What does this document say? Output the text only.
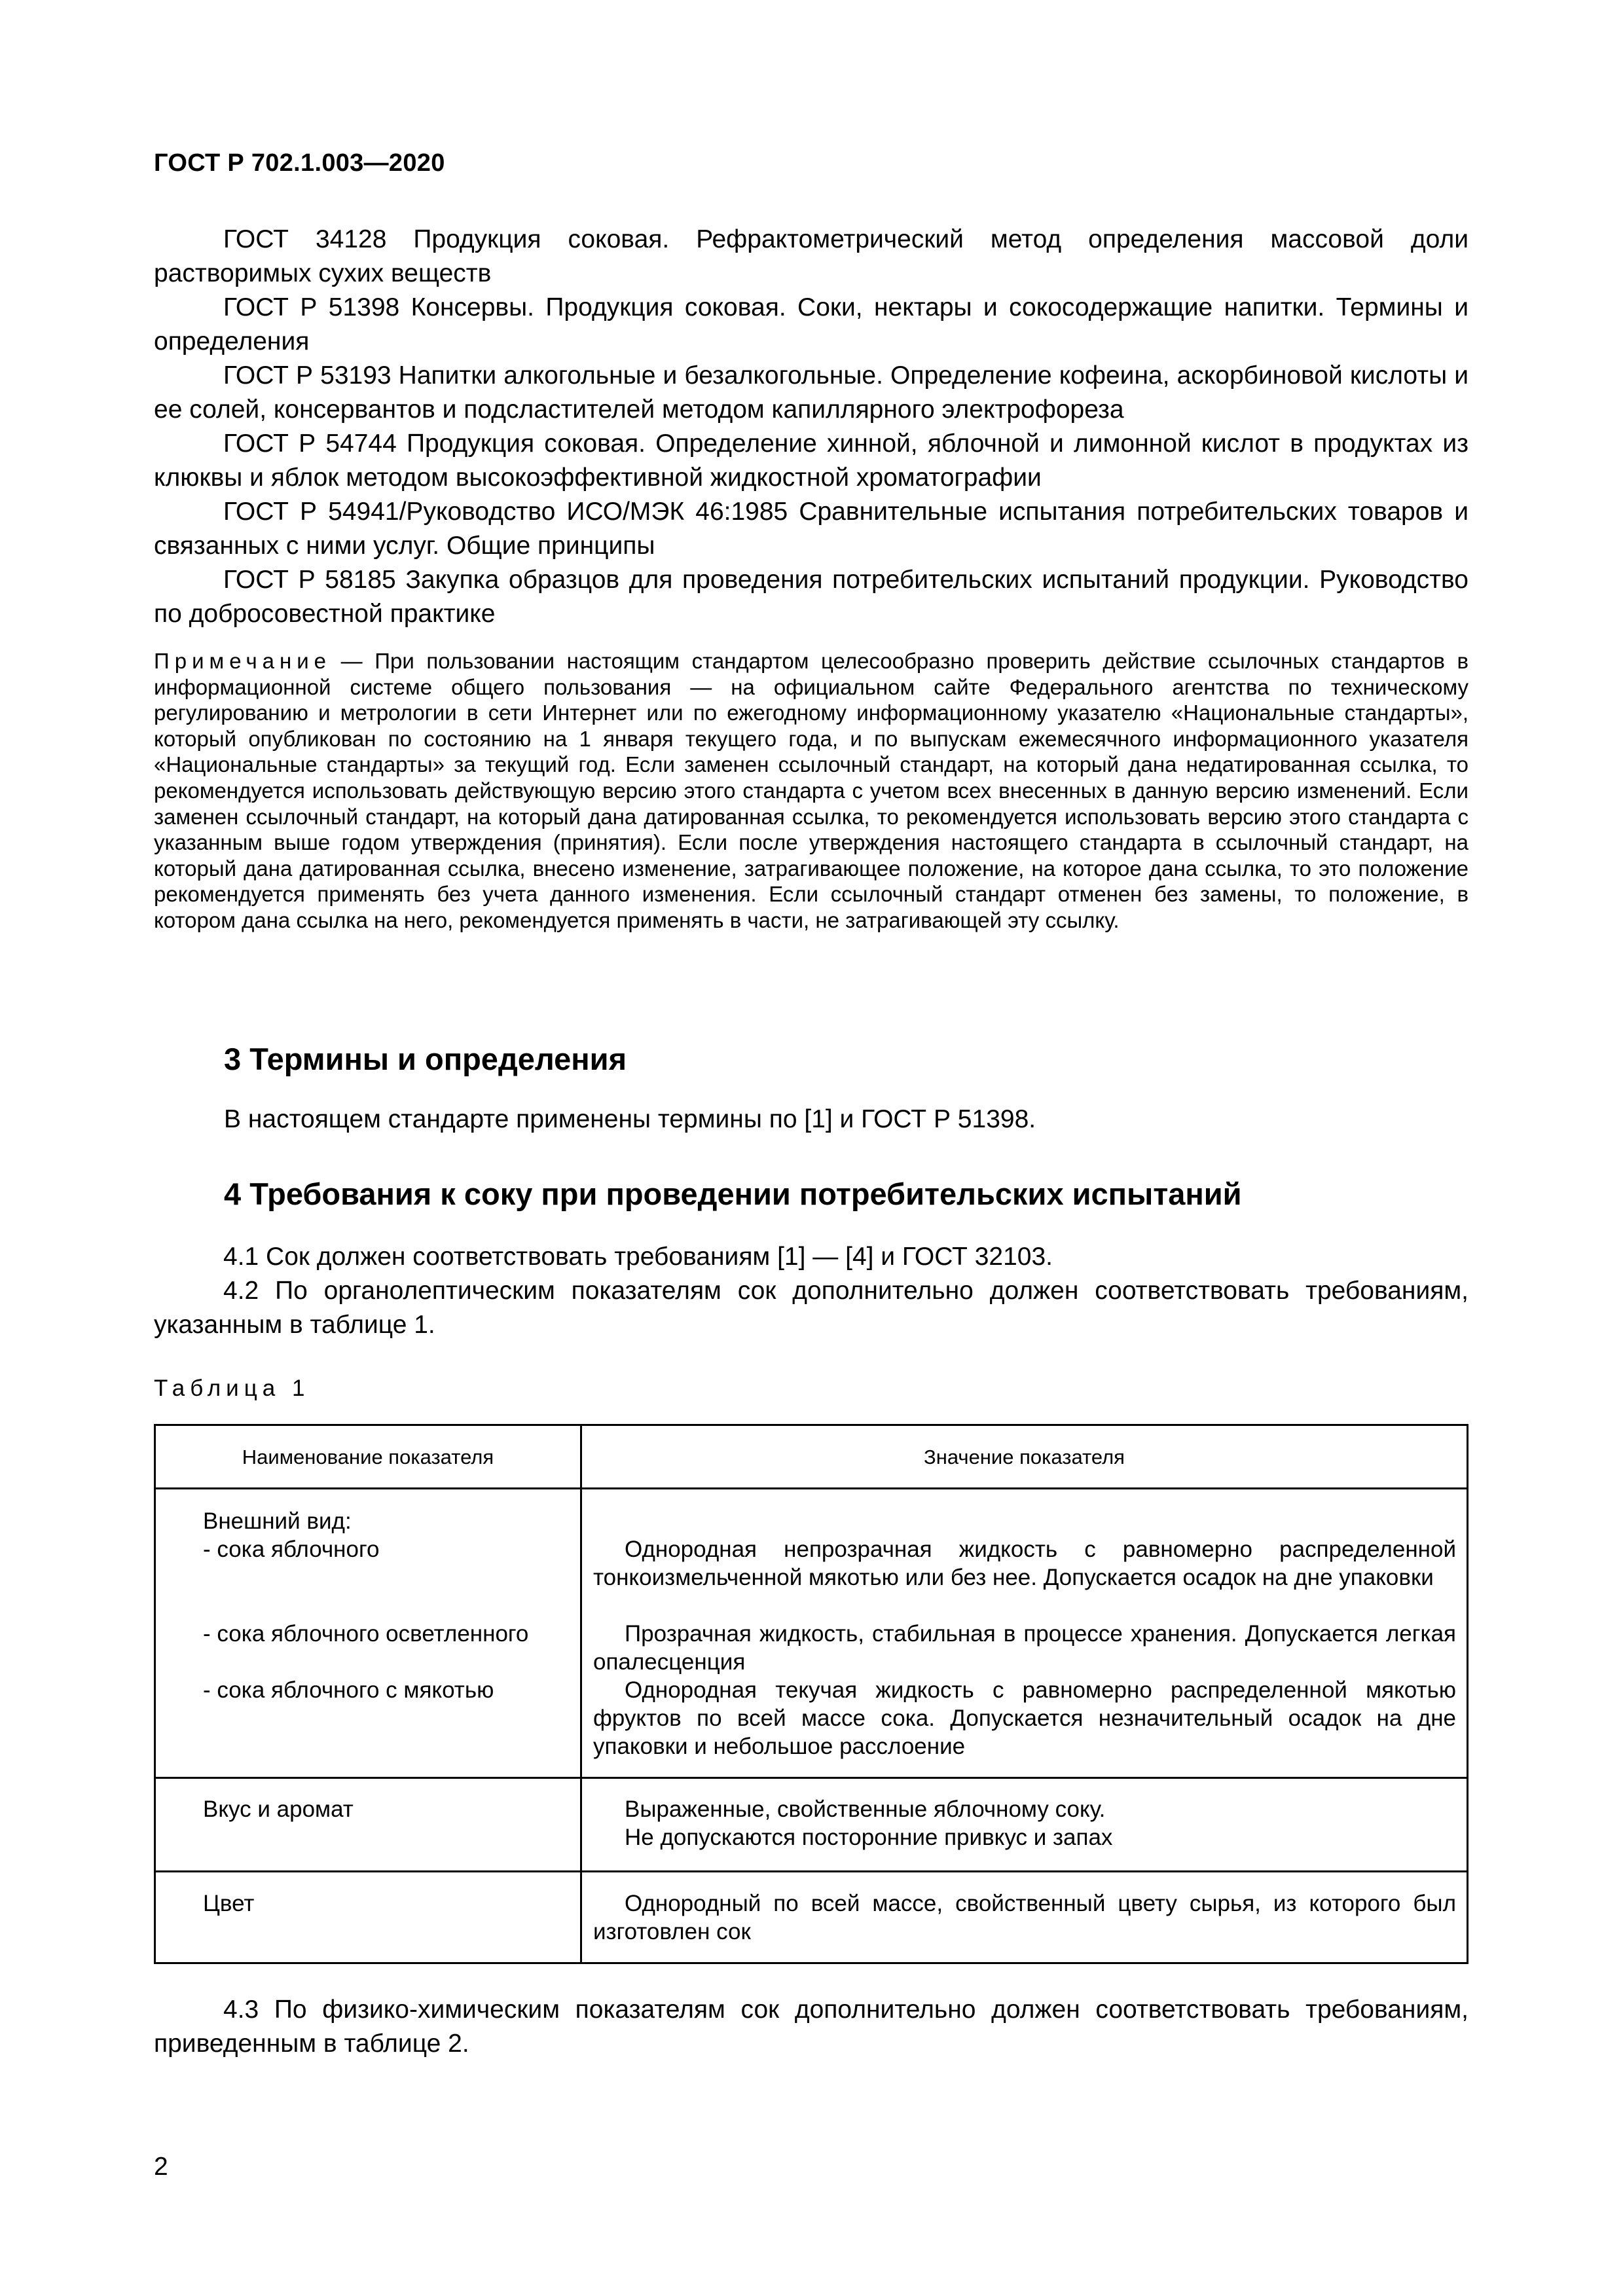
ГОСТ Р 702.1.003—2020

ГОСТ 34128 Продукция соковая. Рефрактометрический метод определения массовой доли растворимых сухих веществ

ГОСТ Р 51398 Консервы. Продукция соковая. Соки, нектары и сокосодержащие напитки. Термины и определения

ГОСТ Р 53193 Напитки алкогольные и безалкогольные. Определение кофеина, аскорбиновой кислоты и ее солей, консервантов и подсластителей методом капиллярного электрофореза

ГОСТ Р 54744 Продукция соковая. Определение хинной, яблочной и лимонной кислот в продуктах из клюквы и яблок методом высокоэффективной жидкостной хроматографии

ГОСТ Р 54941/Руководство ИСО/МЭК 46:1985 Сравнительные испытания потребительских товаров и связанных с ними услуг. Общие принципы

ГОСТ Р 58185 Закупка образцов для проведения потребительских испытаний продукции. Руководство по добросовестной практике

Примечание — При пользовании настоящим стандартом целесообразно проверить действие ссылочных стандартов в информационной системе общего пользования — на официальном сайте Федерального агентства по техническому регулированию и метрологии в сети Интернет или по ежегодному информационному указателю «Национальные стандарты», который опубликован по состоянию на 1 января текущего года, и по выпускам ежемесячного информационного указателя «Национальные стандарты» за текущий год. Если заменен ссылочный стандарт, на который дана недатированная ссылка, то рекомендуется использовать действующую версию этого стандарта с учетом всех внесенных в данную версию изменений. Если заменен ссылочный стандарт, на который дана датированная ссылка, то рекомендуется использовать версию этого стандарта с указанным выше годом утверждения (принятия). Если после утверждения настоящего стандарта в ссылочный стандарт, на который дана датированная ссылка, внесено изменение, затрагивающее положение, на которое дана ссылка, то это положение рекомендуется применять без учета данного изменения. Если ссылочный стандарт отменен без замены, то положение, в котором дана ссылка на него, рекомендуется применять в части, не затрагивающей эту ссылку.

3 Термины и определения

В настоящем стандарте применены термины по [1] и ГОСТ Р 51398.

4 Требования к соку при проведении потребительских испытаний

4.1 Сок должен соответствовать требованиям [1] — [4] и ГОСТ 32103.

4.2 По органолептическим показателям сок дополнительно должен соответствовать требованиям, указанным в таблице 1.

Таблица 1
Наименование показателя	Значение показателя
Внешний вид:
- сока яблочного	Однородная непрозрачная жидкость с равномерно распределенной тонкоизмельченной мякотью или без нее. Допускается осадок на дне упаковки
- сока яблочного осветленного	Прозрачная жидкость, стабильная в процессе хранения. Допускается легкая опалесценция
- сока яблочного с мякотью	Однородная текучая жидкость с равномерно распределенной мякотью фруктов по всей массе сока. Допускается незначительный осадок на дне упаковки и небольшое расслоение
Вкус и аромат	Выраженные, свойственные яблочному соку.
Не допускаются посторонние привкус и запах
Цвет	Однородный по всей массе, свойственный цвету сырья, из которого был изготовлен сок

4.3 По физико-химическим показателям сок дополнительно должен соответствовать требованиям, приведенным в таблице 2.

2
